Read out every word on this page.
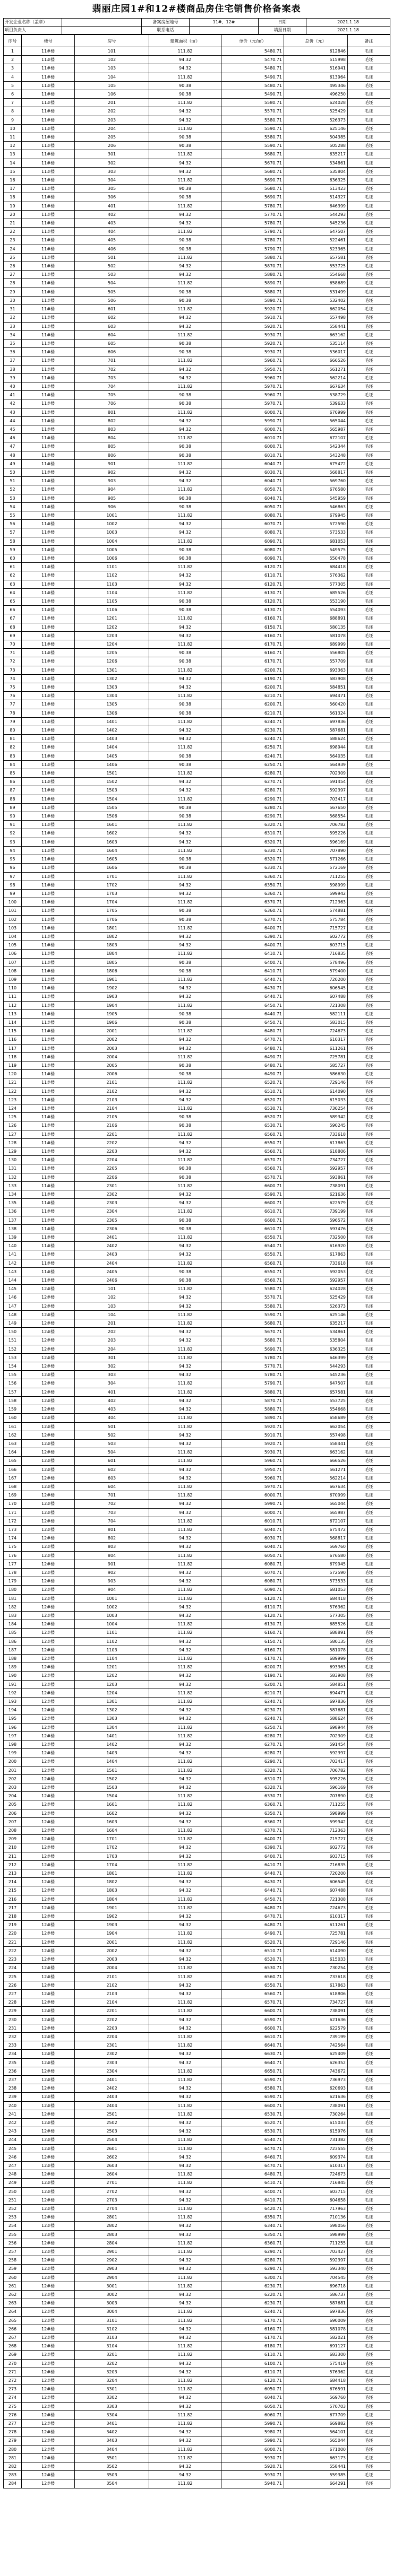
翡丽庄园1#和12#楼商品房住宅销售价格备案表
开发企业名称（盖章）		备案房屋地号	11#、12#	日期	2021.1.18
项目负责人		联系电话		填报日期	2021.1.18
序号	楼号	房号	建筑面积（㎡）	单价（元/㎡）	总价（元）	备注
1	11#楼	101	111.82	5480.71	612846	毛坯
2	11#楼	102	94.32	5470.71	515998	毛坯
3	11#楼	103	94.32	5480.71	516941	毛坯
4	11#楼	104	111.82	5490.71	613964	毛坯
5	11#楼	105	90.38	5480.71	495346	毛坯
6	11#楼	106	90.38	5490.71	496250	毛坯
7	11#楼	201	111.82	5580.71	624028	毛坯
8	11#楼	202	94.32	5570.71	525429	毛坯
9	11#楼	203	94.32	5580.71	526373	毛坯
10	11#楼	204	111.82	5590.71	625146	毛坯
11	11#楼	205	90.38	5580.71	504385	毛坯
12	11#楼	206	90.38	5590.71	505288	毛坯
13	11#楼	301	111.82	5680.71	635217	毛坯
14	11#楼	302	94.32	5670.71	534861	毛坯
15	11#楼	303	94.32	5680.71	535804	毛坯
16	11#楼	304	111.82	5690.71	636325	毛坯
17	11#楼	305	90.38	5680.71	513423	毛坯
18	11#楼	306	90.38	5690.71	514327	毛坯
19	11#楼	401	111.82	5780.71	646399	毛坯
20	11#楼	402	94.32	5770.71	544293	毛坯
21	11#楼	403	94.32	5780.71	545236	毛坯
22	11#楼	404	111.82	5790.71	647507	毛坯
23	11#楼	405	90.38	5780.71	522461	毛坯
24	11#楼	406	90.38	5790.71	523365	毛坯
25	11#楼	501	111.82	5880.71	657581	毛坯
26	11#楼	502	94.32	5870.71	553725	毛坯
27	11#楼	503	94.32	5880.71	554668	毛坯
28	11#楼	504	111.82	5890.71	658689	毛坯
29	11#楼	505	90.38	5880.71	531499	毛坯
30	11#楼	506	90.38	5890.71	532402	毛坯
31	11#楼	601	111.82	5920.71	662054	毛坯
32	11#楼	602	94.32	5910.71	557498	毛坯
33	11#楼	603	94.32	5920.71	558441	毛坯
34	11#楼	604	111.82	5930.71	663162	毛坯
35	11#楼	605	90.38	5920.71	535114	毛坯
36	11#楼	606	90.38	5930.71	536017	毛坯
37	11#楼	701	111.82	5960.71	666526	毛坯
38	11#楼	702	94.32	5950.71	561271	毛坯
39	11#楼	703	94.32	5960.71	562214	毛坯
40	11#楼	704	111.82	5970.71	667634	毛坯
41	11#楼	705	90.38	5960.71	538729	毛坯
42	11#楼	706	90.38	5970.71	539633	毛坯
43	11#楼	801	111.82	6000.71	670999	毛坯
44	11#楼	802	94.32	5990.71	565044	毛坯
45	11#楼	803	94.32	6000.71	565987	毛坯
46	11#楼	804	111.82	6010.71	672107	毛坯
47	11#楼	805	90.38	6000.71	542344	毛坯
48	11#楼	806	90.38	6010.71	543248	毛坯
49	11#楼	901	111.82	6040.71	675472	毛坯
50	11#楼	902	94.32	6030.71	568817	毛坯
51	11#楼	903	94.32	6040.71	569760	毛坯
52	11#楼	904	111.82	6050.71	676580	毛坯
53	11#楼	905	90.38	6040.71	545959	毛坯
54	11#楼	906	90.38	6050.71	546863	毛坯
55	11#楼	1001	111.82	6080.71	679945	毛坯
56	11#楼	1002	94.32	6070.71	572590	毛坯
57	11#楼	1003	94.32	6080.71	573533	毛坯
58	11#楼	1004	111.82	6090.71	681053	毛坯
59	11#楼	1005	90.38	6080.71	549575	毛坯
60	11#楼	1006	90.38	6090.71	550478	毛坯
61	11#楼	1101	111.82	6120.71	684418	毛坯
62	11#楼	1102	94.32	6110.71	576362	毛坯
63	11#楼	1103	94.32	6120.71	577305	毛坯
64	11#楼	1104	111.82	6130.71	685526	毛坯
65	11#楼	1105	90.38	6120.71	553190	毛坯
66	11#楼	1106	90.38	6130.71	554093	毛坯
67	11#楼	1201	111.82	6160.71	688891	毛坯
68	11#楼	1202	94.32	6150.71	580135	毛坯
69	11#楼	1203	94.32	6160.71	581078	毛坯
70	11#楼	1204	111.82	6170.71	689999	毛坯
71	11#楼	1205	90.38	6160.71	556805	毛坯
72	11#楼	1206	90.38	6170.71	557709	毛坯
73	11#楼	1301	111.82	6200.71	693363	毛坯
74	11#楼	1302	94.32	6190.71	583908	毛坯
75	11#楼	1303	94.32	6200.71	584851	毛坯
76	11#楼	1304	111.82	6210.71	694471	毛坯
77	11#楼	1305	90.38	6200.71	560420	毛坯
78	11#楼	1306	90.38	6210.71	561324	毛坯
79	11#楼	1401	111.82	6240.71	697836	毛坯
80	11#楼	1402	94.32	6230.71	587681	毛坯
81	11#楼	1403	94.32	6240.71	588624	毛坯
82	11#楼	1404	111.82	6250.71	698944	毛坯
83	11#楼	1405	90.38	6240.71	564035	毛坯
84	11#楼	1406	90.38	6250.71	564939	毛坯
85	11#楼	1501	111.82	6280.71	702309	毛坯
86	11#楼	1502	94.32	6270.71	591454	毛坯
87	11#楼	1503	94.32	6280.71	592397	毛坯
88	11#楼	1504	111.82	6290.71	703417	毛坯
89	11#楼	1505	90.38	6280.71	567650	毛坯
90	11#楼	1506	90.38	6290.71	568554	毛坯
91	11#楼	1601	111.82	6320.71	706782	毛坯
92	11#楼	1602	94.32	6310.71	595226	毛坯
93	11#楼	1603	94.32	6320.71	596169	毛坯
94	11#楼	1604	111.82	6330.71	707890	毛坯
95	11#楼	1605	90.38	6320.71	571266	毛坯
96	11#楼	1606	90.38	6330.71	572169	毛坯
97	11#楼	1701	111.82	6360.71	711255	毛坯
98	11#楼	1702	94.32	6350.71	598999	毛坯
99	11#楼	1703	94.32	6360.71	599942	毛坯
100	11#楼	1704	111.82	6370.71	712363	毛坯
101	11#楼	1705	90.38	6360.71	574881	毛坯
102	11#楼	1706	90.38	6370.71	575784	毛坯
103	11#楼	1801	111.82	6400.71	715727	毛坯
104	11#楼	1802	94.32	6390.71	602772	毛坯
105	11#楼	1803	94.32	6400.71	603715	毛坯
106	11#楼	1804	111.82	6410.71	716835	毛坯
107	11#楼	1805	90.38	6400.71	578496	毛坯
108	11#楼	1806	90.38	6410.71	579400	毛坯
109	11#楼	1901	111.82	6440.71	720200	毛坯
110	11#楼	1902	94.32	6430.71	606545	毛坯
111	11#楼	1903	94.32	6440.71	607488	毛坯
112	11#楼	1904	111.82	6450.71	721308	毛坯
113	11#楼	1905	90.38	6440.71	582111	毛坯
114	11#楼	1906	90.38	6450.71	583015	毛坯
115	11#楼	2001	111.82	6480.71	724673	毛坯
116	11#楼	2002	94.32	6470.71	610317	毛坯
117	11#楼	2003	94.32	6480.71	611261	毛坯
118	11#楼	2004	111.82	6490.71	725781	毛坯
119	11#楼	2005	90.38	6480.71	585727	毛坯
120	11#楼	2006	90.38	6490.71	586630	毛坯
121	11#楼	2101	111.82	6520.71	729146	毛坯
122	11#楼	2102	94.32	6510.71	614090	毛坯
123	11#楼	2103	94.32	6520.71	615033	毛坯
124	11#楼	2104	111.82	6530.71	730254	毛坯
125	11#楼	2105	90.38	6520.71	589342	毛坯
126	11#楼	2106	90.38	6530.71	590245	毛坯
127	11#楼	2201	111.82	6560.71	733618	毛坯
128	11#楼	2202	94.32	6550.71	617863	毛坯
129	11#楼	2203	94.32	6560.71	618806	毛坯
130	11#楼	2204	111.82	6570.71	734727	毛坯
131	11#楼	2205	90.38	6560.71	592957	毛坯
132	11#楼	2206	90.38	6570.71	593861	毛坯
133	11#楼	2301	111.82	6600.71	738091	毛坯
134	11#楼	2302	94.32	6590.71	621636	毛坯
135	11#楼	2303	94.32	6600.71	622579	毛坯
136	11#楼	2304	111.82	6610.71	739199	毛坯
137	11#楼	2305	90.38	6600.71	596572	毛坯
138	11#楼	2306	90.38	6610.71	597476	毛坯
139	11#楼	2401	111.82	6550.71	732500	毛坯
140	11#楼	2402	94.32	6540.71	616920	毛坯
141	11#楼	2403	94.32	6550.71	617863	毛坯
142	11#楼	2404	111.82	6560.71	733618	毛坯
143	11#楼	2405	90.38	6550.71	592053	毛坯
144	11#楼	2406	90.38	6560.71	592957	毛坯
145	12#楼	101	111.82	5580.71	624028	毛坯
146	12#楼	102	94.32	5570.71	525429	毛坯
147	12#楼	103	94.32	5580.71	526373	毛坯
148	12#楼	104	111.82	5590.71	625146	毛坯
149	12#楼	201	111.82	5680.71	635217	毛坯
150	12#楼	202	94.32	5670.71	534861	毛坯
151	12#楼	203	94.32	5680.71	535804	毛坯
152	12#楼	204	111.82	5690.71	636325	毛坯
153	12#楼	301	111.82	5780.71	646399	毛坯
154	12#楼	302	94.32	5770.71	544293	毛坯
155	12#楼	303	94.32	5780.71	545236	毛坯
156	12#楼	304	111.82	5790.71	647507	毛坯
157	12#楼	401	111.82	5880.71	657581	毛坯
158	12#楼	402	94.32	5870.71	553725	毛坯
159	12#楼	403	94.32	5880.71	554668	毛坯
160	12#楼	404	111.82	5890.71	658689	毛坯
161	12#楼	501	111.82	5920.71	662054	毛坯
162	12#楼	502	94.32	5910.71	557498	毛坯
163	12#楼	503	94.32	5920.71	558441	毛坯
164	12#楼	504	111.82	5930.71	663162	毛坯
165	12#楼	601	111.82	5960.71	666526	毛坯
166	12#楼	602	94.32	5950.71	561271	毛坯
167	12#楼	603	94.32	5960.71	562214	毛坯
168	12#楼	604	111.82	5970.71	667634	毛坯
169	12#楼	701	111.82	6000.71	670999	毛坯
170	12#楼	702	94.32	5990.71	565044	毛坯
171	12#楼	703	94.32	6000.71	565987	毛坯
172	12#楼	704	111.82	6010.71	672107	毛坯
173	12#楼	801	111.82	6040.71	675472	毛坯
174	12#楼	802	94.32	6030.71	568817	毛坯
175	12#楼	803	94.32	6040.71	569760	毛坯
176	12#楼	804	111.82	6050.71	676580	毛坯
177	12#楼	901	111.82	6080.71	679945	毛坯
178	12#楼	902	94.32	6070.71	572590	毛坯
179	12#楼	903	94.32	6080.71	573533	毛坯
180	12#楼	904	111.82	6090.71	681053	毛坯
181	12#楼	1001	111.82	6120.71	684418	毛坯
182	12#楼	1002	94.32	6110.71	576362	毛坯
183	12#楼	1003	94.32	6120.71	577305	毛坯
184	12#楼	1004	111.82	6130.71	685526	毛坯
185	12#楼	1101	111.82	6160.71	688891	毛坯
186	12#楼	1102	94.32	6150.71	580135	毛坯
187	12#楼	1103	94.32	6160.71	581078	毛坯
188	12#楼	1104	111.82	6170.71	689999	毛坯
189	12#楼	1201	111.82	6200.71	693363	毛坯
190	12#楼	1202	94.32	6190.71	583908	毛坯
191	12#楼	1203	94.32	6200.71	584851	毛坯
192	12#楼	1204	111.82	6210.71	694471	毛坯
193	12#楼	1301	111.82	6240.71	697836	毛坯
194	12#楼	1302	94.32	6230.71	587681	毛坯
195	12#楼	1303	94.32	6240.71	588624	毛坯
196	12#楼	1304	111.82	6250.71	698944	毛坯
197	12#楼	1401	111.82	6280.71	702309	毛坯
198	12#楼	1402	94.32	6270.71	591454	毛坯
199	12#楼	1403	94.32	6280.71	592397	毛坯
200	12#楼	1404	111.82	6290.71	703417	毛坯
201	12#楼	1501	111.82	6320.71	706782	毛坯
202	12#楼	1502	94.32	6310.71	595226	毛坯
203	12#楼	1503	94.32	6320.71	596169	毛坯
204	12#楼	1504	111.82	6330.71	707890	毛坯
205	12#楼	1601	111.82	6360.71	711255	毛坯
206	12#楼	1602	94.32	6350.71	598999	毛坯
207	12#楼	1603	94.32	6360.71	599942	毛坯
208	12#楼	1604	111.82	6370.71	712363	毛坯
209	12#楼	1701	111.82	6400.71	715727	毛坯
210	12#楼	1702	94.32	6390.71	602772	毛坯
211	12#楼	1703	94.32	6400.71	603715	毛坯
212	12#楼	1704	111.82	6410.71	716835	毛坯
213	12#楼	1801	111.82	6440.71	720200	毛坯
214	12#楼	1802	94.32	6430.71	606545	毛坯
215	12#楼	1803	94.32	6440.71	607488	毛坯
216	12#楼	1804	111.82	6450.71	721308	毛坯
217	12#楼	1901	111.82	6480.71	724673	毛坯
218	12#楼	1902	94.32	6470.71	610317	毛坯
219	12#楼	1903	94.32	6480.71	611261	毛坯
220	12#楼	1904	111.82	6490.71	725781	毛坯
221	12#楼	2001	111.82	6520.71	729146	毛坯
222	12#楼	2002	94.32	6510.71	614090	毛坯
223	12#楼	2003	94.32	6520.71	615033	毛坯
224	12#楼	2004	111.82	6530.71	730254	毛坯
225	12#楼	2101	111.82	6560.71	733618	毛坯
226	12#楼	2102	94.32	6550.71	617863	毛坯
227	12#楼	2103	94.32	6560.71	618806	毛坯
228	12#楼	2104	111.82	6570.71	734727	毛坯
229	12#楼	2201	111.82	6600.71	738091	毛坯
230	12#楼	2202	94.32	6590.71	621636	毛坯
231	12#楼	2203	94.32	6600.71	622579	毛坯
232	12#楼	2204	111.82	6610.71	739199	毛坯
233	12#楼	2301	111.82	6640.71	742564	毛坯
234	12#楼	2302	94.32	6630.71	625409	毛坯
235	12#楼	2303	94.32	6640.71	626352	毛坯
236	12#楼	2304	111.82	6650.71	743672	毛坯
237	12#楼	2401	111.82	6590.71	736973	毛坯
238	12#楼	2402	94.32	6580.71	620693	毛坯
239	12#楼	2403	94.32	6590.71	621636	毛坯
240	12#楼	2404	111.82	6600.71	738091	毛坯
241	12#楼	2501	111.82	6530.71	730264	毛坯
242	12#楼	2502	94.32	6520.71	615033	毛坯
243	12#楼	2503	94.32	6530.71	615976	毛坯
244	12#楼	2504	111.82	6540.71	731382	毛坯
245	12#楼	2601	111.82	6470.71	723555	毛坯
246	12#楼	2602	94.32	6460.71	609374	毛坯
247	12#楼	2603	94.32	6470.71	610317	毛坯
248	12#楼	2604	111.82	6480.71	724673	毛坯
249	12#楼	2701	111.82	6410.71	716845	毛坯
250	12#楼	2702	94.32	6400.71	603715	毛坯
251	12#楼	2703	94.32	6410.71	604658	毛坯
252	12#楼	2704	111.82	6420.71	717963	毛坯
253	12#楼	2801	111.82	6350.71	710136	毛坯
254	12#楼	2802	94.32	6340.71	598056	毛坯
255	12#楼	2803	94.32	6350.71	598999	毛坯
256	12#楼	2804	111.82	6360.71	711255	毛坯
257	12#楼	2901	111.82	6290.71	703427	毛坯
258	12#楼	2902	94.32	6280.71	592397	毛坯
259	12#楼	2903	94.32	6290.71	593340	毛坯
260	12#楼	2904	111.82	6300.71	704545	毛坯
261	12#楼	3001	111.82	6230.71	696718	毛坯
262	12#楼	3002	94.32	6220.71	586737	毛坯
263	12#楼	3003	94.32	6230.71	587681	毛坯
264	12#楼	3004	111.82	6240.71	697836	毛坯
265	12#楼	3101	111.82	6170.71	690009	毛坯
266	12#楼	3102	94.32	6160.71	581078	毛坯
267	12#楼	3103	94.32	6170.71	582021	毛坯
268	12#楼	3104	111.82	6180.71	691127	毛坯
269	12#楼	3201	111.82	6110.71	683300	毛坯
270	12#楼	3202	94.32	6100.71	575419	毛坯
271	12#楼	3203	94.32	6110.71	576362	毛坯
272	12#楼	3204	111.82	6120.71	684418	毛坯
273	12#楼	3301	111.82	6050.71	676591	毛坯
274	12#楼	3302	94.32	6040.71	569760	毛坯
275	12#楼	3303	94.32	6050.71	570703	毛坯
276	12#楼	3304	111.82	6060.71	677709	毛坯
277	12#楼	3401	111.82	5990.71	669882	毛坯
278	12#楼	3402	94.32	5980.71	564101	毛坯
279	12#楼	3403	94.32	5990.71	565044	毛坯
280	12#楼	3404	111.82	6000.71	671000	毛坯
281	12#楼	3501	111.82	5930.71	663173	毛坯
282	12#楼	3502	94.32	5920.71	558441	毛坯
283	12#楼	3503	94.32	5930.71	559385	毛坯
284	12#楼	3504	111.82	5940.71	664291	毛坯
